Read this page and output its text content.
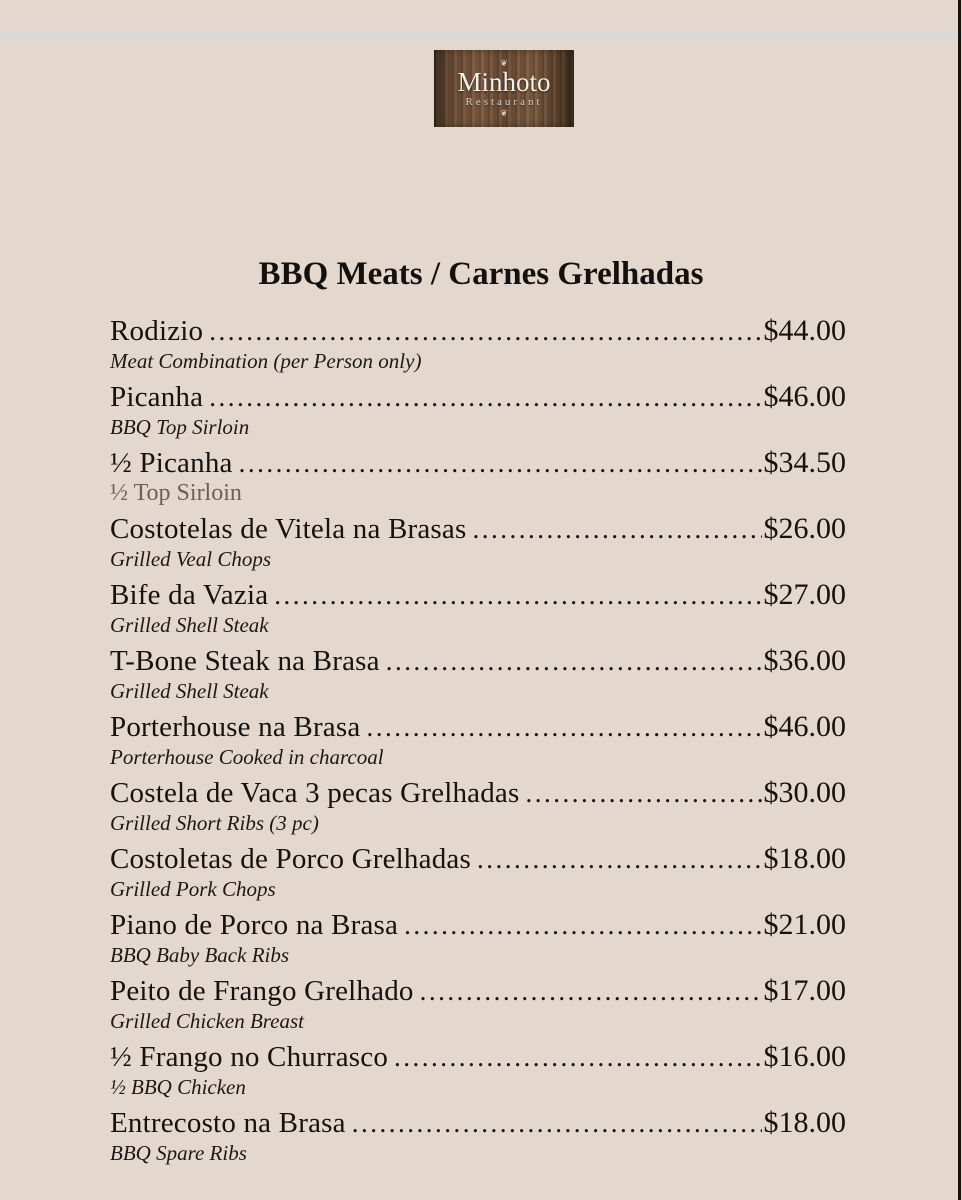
❦
Minhoto
Restaurant
❦
BBQ Meats / Carnes Grelhadas
Rodizio .....	$44.00
Meat Combination (per Person only)
Picanha .....	$46.00
BBQ Top Sirloin
½ Picanha .....	$34.50
½ Top Sirloin
Costotelas de Vitela na Brasas .....	$26.00
Grilled Veal Chops
Bife da Vazia .....	$27.00
Grilled Shell Steak
T-Bone Steak na Brasa .....	$36.00
Grilled Shell Steak
Porterhouse na Brasa .....	$46.00
Porterhouse Cooked in charcoal
Costela de Vaca 3 pecas Grelhadas .....	$30.00
Grilled Short Ribs (3 pc)
Costoletas de Porco Grelhadas .....	$18.00
Grilled Pork Chops
Piano de Porco na Brasa .....	$21.00
BBQ Baby Back Ribs
Peito de Frango Grelhado .....	$17.00
Grilled Chicken Breast
½ Frango no Churrasco .....	$16.00
½ BBQ Chicken
Entrecosto na Brasa .....	$18.00
BBQ Spare Ribs
